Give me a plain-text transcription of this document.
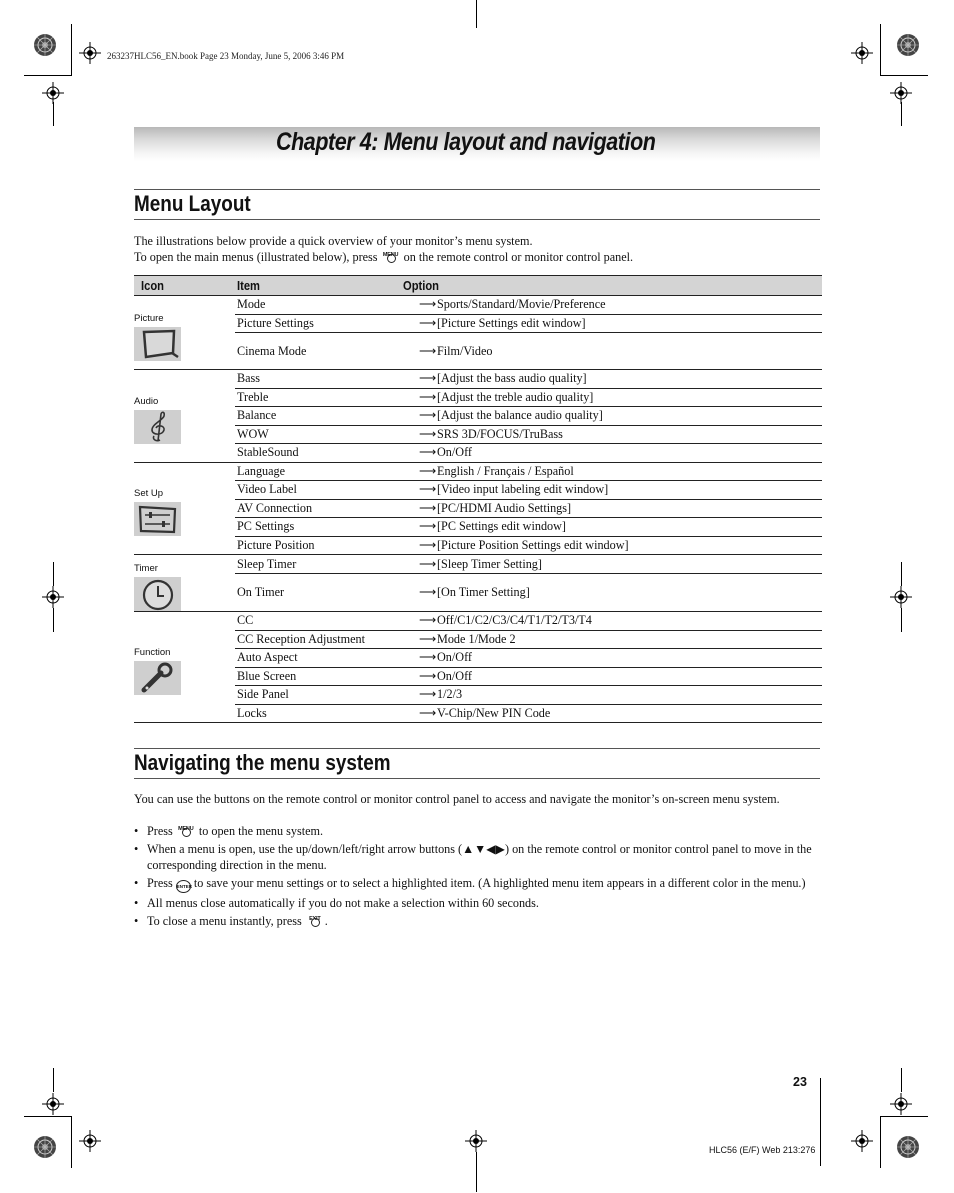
263237HLC56_EN.book Page 23 Monday, June 5, 2006 3:46 PM
Chapter 4: Menu layout and navigation
Menu Layout
The illustrations below provide a quick overview of your monitor’s menu system.
To open the main menus (illustrated below), press MENU on the remote control or monitor control panel.
Icon	Item	Option

Picture	Mode	⟶Sports/Standard/Movie/Preference
	Picture Settings	⟶[Picture Settings edit window]
	Cinema Mode	⟶Film/Video

Audio	Bass	⟶[Adjust the bass audio quality]
	Treble	⟶[Adjust the treble audio quality]
	Balance	⟶[Adjust the balance audio quality]
	WOW	⟶SRS 3D/FOCUS/TruBass
	StableSound	⟶On/Off

Set Up	Language	⟶English / Français / Español
	Video Label	⟶[Video input labeling edit window]
	AV Connection	⟶[PC/HDMI Audio Settings]
	PC Settings	⟶[PC Settings edit window]
	Picture Position	⟶[Picture Position Settings edit window]

Timer	Sleep Timer	⟶[Sleep Timer Setting]
	On Timer	⟶[On Timer Setting]

Function	CC	⟶Off/C1/C2/C3/C4/T1/T2/T3/T4
	CC Reception Adjustment	⟶Mode 1/Mode 2
	Auto Aspect	⟶On/Off
	Blue Screen	⟶On/Off
	Side Panel	⟶1/2/3
	Locks	⟶V-Chip/New PIN Code
Navigating the menu system
You can use the buttons on the remote control or monitor control panel to access and navigate the monitor’s on-screen menu system.
• Press MENU to open the menu system.
• When a menu is open, use the up/down/left/right arrow buttons (▲▼◀▶) on the remote control or monitor control panel to move in the corresponding direction in the menu.
• Press ENTER to save your menu settings or to select a highlighted item. (A highlighted menu item appears in a different color in the menu.)
• All menus close automatically if you do not make a selection within 60 seconds.
• To close a menu instantly, press	EXIT .
23
HLC56 (E/F) Web 213:276
